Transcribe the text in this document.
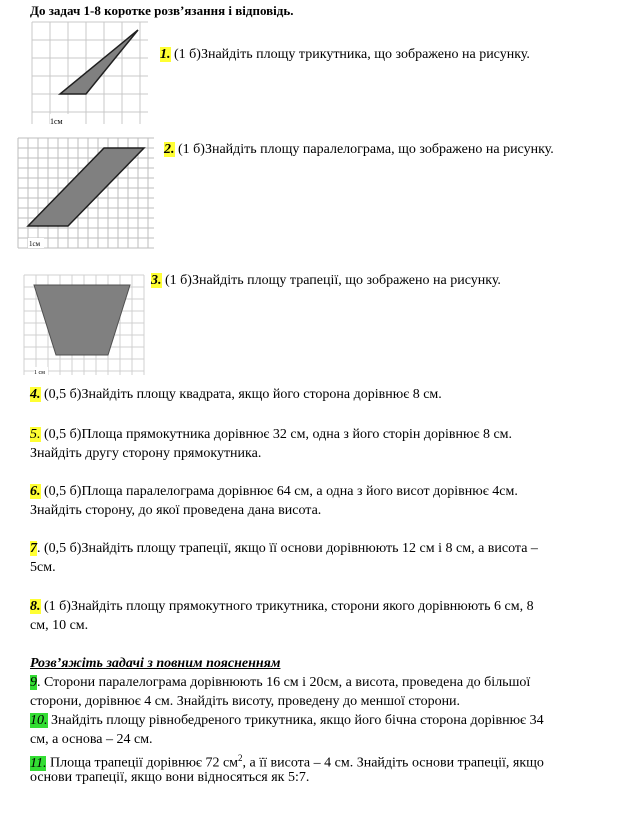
До задач 1-8 коротке розв’язання і відповідь.
1см
1. (1 б)Знайдіть площу трикутника, що зображено на рисунку.
1см
2. (1 б)Знайдіть площу паралелограма, що зображено на рисунку.
1 см
3. (1 б)Знайдіть площу трапеції, що зображено на рисунку.
4. (0,5 б)Знайдіть площу квадрата, якщо його сторона дорівнює 8 см.
5. (0,5 б)Площа прямокутника дорівнює 32 см, одна з його сторін дорівнює 8 см.
Знайдіть другу сторону прямокутника.
6. (0,5 б)Площа паралелограма дорівнює 64 см, а одна з його висот дорівнює 4см.
Знайдіть сторону, до якої проведена дана висота.
7. (0,5 б)Знайдіть площу трапеції, якщо її основи дорівнюють 12 см і 8 см, а висота –
5см.
8. (1 б)Знайдіть площу прямокутного трикутника, сторони якого дорівнюють 6 см, 8
см, 10 см.
Розв’яжіть задачі з повним поясненням
9. Сторони паралелограма дорівнюють 16 см і 20см, а висота, проведена до більшої
сторони, дорівнює 4 см. Знайдіть висоту, проведену до меншої сторони.
10. Знайдіть площу рівнобедреного трикутника, якщо його бічна сторона дорівнює 34
см, а основа – 24 см.
11. Площа трапеції дорівнює 72 $см^2$, а її висота – 4 см. Знайдіть основи трапеції, якщо
основи трапеції, якщо вони відносяться як 5:7.
